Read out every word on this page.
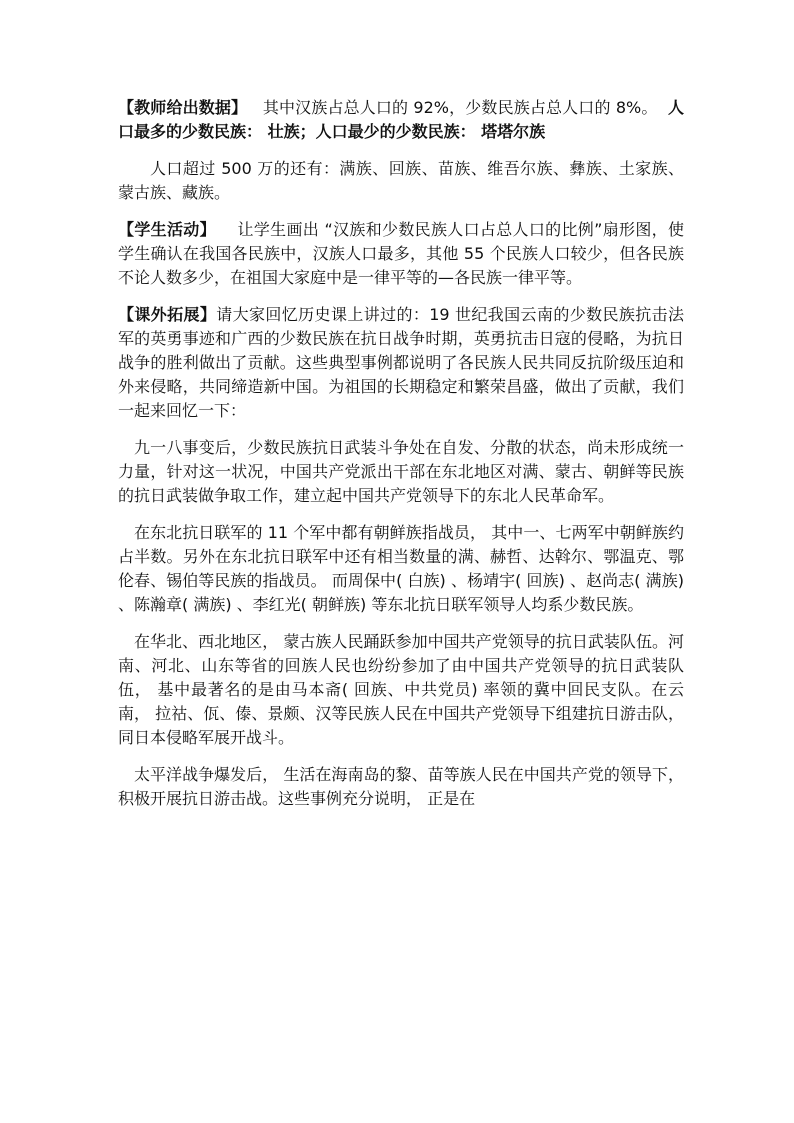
【教师给出数据】 其中汉族占总人口的 92%，少数民族占总人口的 8%。 人口最多的少数民族： 壮族；人口最少的少数民族： 塔塔尔族

人口超过 500 万的还有：满族、回族、苗族、维吾尔族、彝族、土家族、蒙古族、藏族。

【学生活动】 让学生画出 “汉族和少数民族人口占总人口的比例”扇形图，使学生确认在我国各民族中，汉族人口最多，其他 55 个民族人口较少，但各民族不论人数多少，在祖国大家庭中是一律平等的—各民族一律平等。

【课外拓展】请大家回忆历史课上讲过的：19 世纪我国云南的少数民族抗击法军的英勇事迹和广西的少数民族在抗日战争时期，英勇抗击日寇的侵略，为抗日战争的胜利做出了贡献。这些典型事例都说明了各民族人民共同反抗阶级压迫和外来侵略，共同缔造新中国。为祖国的长期稳定和繁荣昌盛，做出了贡献，我们一起来回忆一下：

九一八事变后，少数民族抗日武装斗争处在自发、分散的状态，尚未形成统一力量，针对这一状况，中国共产党派出干部在东北地区对满、蒙古、朝鲜等民族的抗日武装做争取工作，建立起中国共产党领导下的东北人民革命军。

在东北抗日联军的 11 个军中都有朝鲜族指战员， 其中一、七两军中朝鲜族约占半数。另外在东北抗日联军中还有相当数量的满、赫哲、达斡尔、鄂温克、鄂伦春、锡伯等民族的指战员。 而周保中( 白族) 、杨靖宇( 回族) 、赵尚志( 满族) 、陈瀚章( 满族) 、李红光( 朝鲜族) 等东北抗日联军领导人均系少数民族。

在华北、西北地区， 蒙古族人民踊跃参加中国共产党领导的抗日武装队伍。河南、河北、山东等省的回族人民也纷纷参加了由中国共产党领导的抗日武装队伍， 基中最著名的是由马本斋( 回族、中共党员) 率领的冀中回民支队。在云南， 拉祜、佤、傣、景颇、汉等民族人民在中国共产党领导下组建抗日游击队， 同日本侵略军展开战斗。

太平洋战争爆发后， 生活在海南岛的黎、苗等族人民在中国共产党的领导下， 积极开展抗日游击战。这些事例充分说明， 正是在
